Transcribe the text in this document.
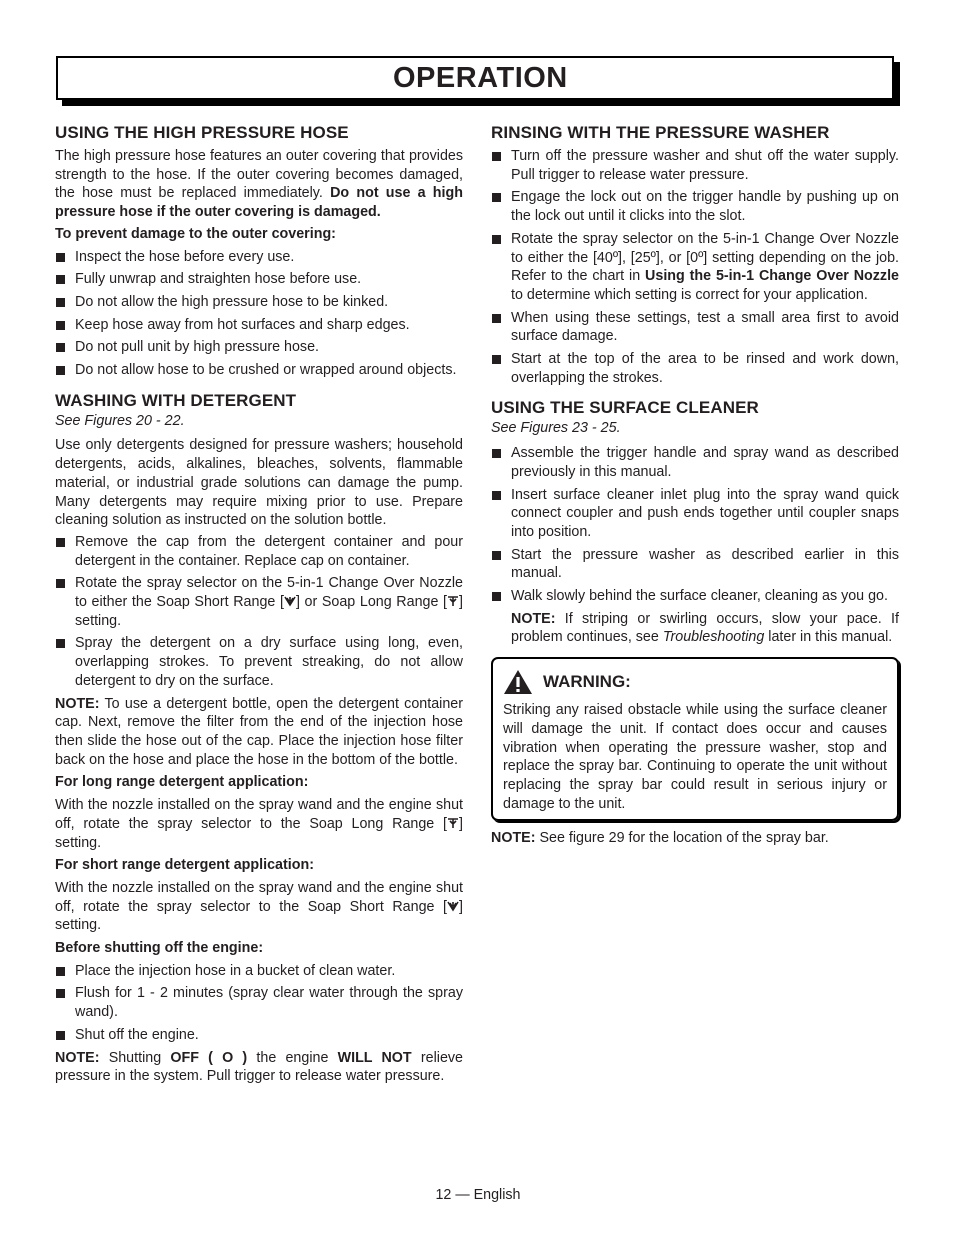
OPERATION
USING THE HIGH PRESSURE HOSE

The high pressure hose features an outer covering that provides strength to the hose. If the outer covering becomes damaged, the hose must be replaced immediately. Do not use a high pressure hose if the outer covering is damaged.

To prevent damage to the outer covering:
Inspect the hose before every use.
Fully unwrap and straighten hose before use.
Do not allow the high pressure hose to be kinked.
Keep hose away from hot surfaces and sharp edges.
Do not pull unit by high pressure hose.
Do not allow hose to be crushed or wrapped around objects.
WASHING WITH DETERGENT
See Figures 20 - 22.

Use only detergents designed for pressure washers; household detergents, acids, alkalines, bleaches, solvents, flammable material, or industrial grade solutions can damage the pump. Many detergents may require mixing prior to use. Prepare cleaning solution as instructed on the solution bottle.

Remove the cap from the detergent container and pour detergent in the container. Replace cap on container.
Rotate the spray selector on the 5-in-1 Change Over Nozzle to either the Soap Short Range [ ] or Soap Long Range [ ] setting.
Spray the detergent on a dry surface using long, even, overlapping strokes. To prevent streaking, do not allow detergent to dry on the surface.

NOTE: To use a detergent bottle, open the detergent container cap. Next, remove the filter from the end of the injection hose then slide the hose out of the cap. Place the injection hose filter back on the hose and place the hose in the bottom of the bottle.

For long range detergent application:

With the nozzle installed on the spray wand and the engine shut off, rotate the spray selector to the Soap Long Range [ ] setting.

For short range detergent application:

With the nozzle installed on the spray wand and the engine shut off, rotate the spray selector to the Soap Short Range [ ] setting.

Before shutting off the engine:
Place the injection hose in a bucket of clean water.
Flush for 1 - 2 minutes (spray clear water through the spray wand).
Shut off the engine.

NOTE: Shutting OFF ( O ) the engine WILL NOT relieve pressure in the system. Pull trigger to release water pressure.

RINSING WITH THE PRESSURE WASHER
Turn off the pressure washer and shut off the water supply. Pull trigger to release water pressure.
Engage the lock out on the trigger handle by pushing up on the lock out until it clicks into the slot.
Rotate the spray selector on the 5-in-1 Change Over Nozzle to either the [40º], [25º], or [0º] setting depending on the job. Refer to the chart in Using the 5-in-1 Change Over Nozzle to determine which setting is correct for your application.
When using these settings, test a small area first to avoid surface damage.
Start at the top of the area to be rinsed and work down, overlapping the strokes.
USING THE SURFACE CLEANER
See Figures 23 - 25.
Assemble the trigger handle and spray wand as described previously in this manual.
Insert surface cleaner inlet plug into the spray wand quick connect coupler and push ends together until coupler snaps into position.
Start the pressure washer as described earlier in this manual.
Walk slowly behind the surface cleaner, cleaning as you go.

NOTE: If striping or swirling occurs, slow your pace. If problem continues, see Troubleshooting later in this manual.

WARNING:

Striking any raised obstacle while using the surface cleaner will damage the unit. If contact does occur and causes vibration when operating the pressure washer, stop and replace the spray bar. Continuing to operate the unit without replacing the spray bar could result in serious injury or damage to the unit.

NOTE: See figure 29 for the location of the spray bar.

12 — English
